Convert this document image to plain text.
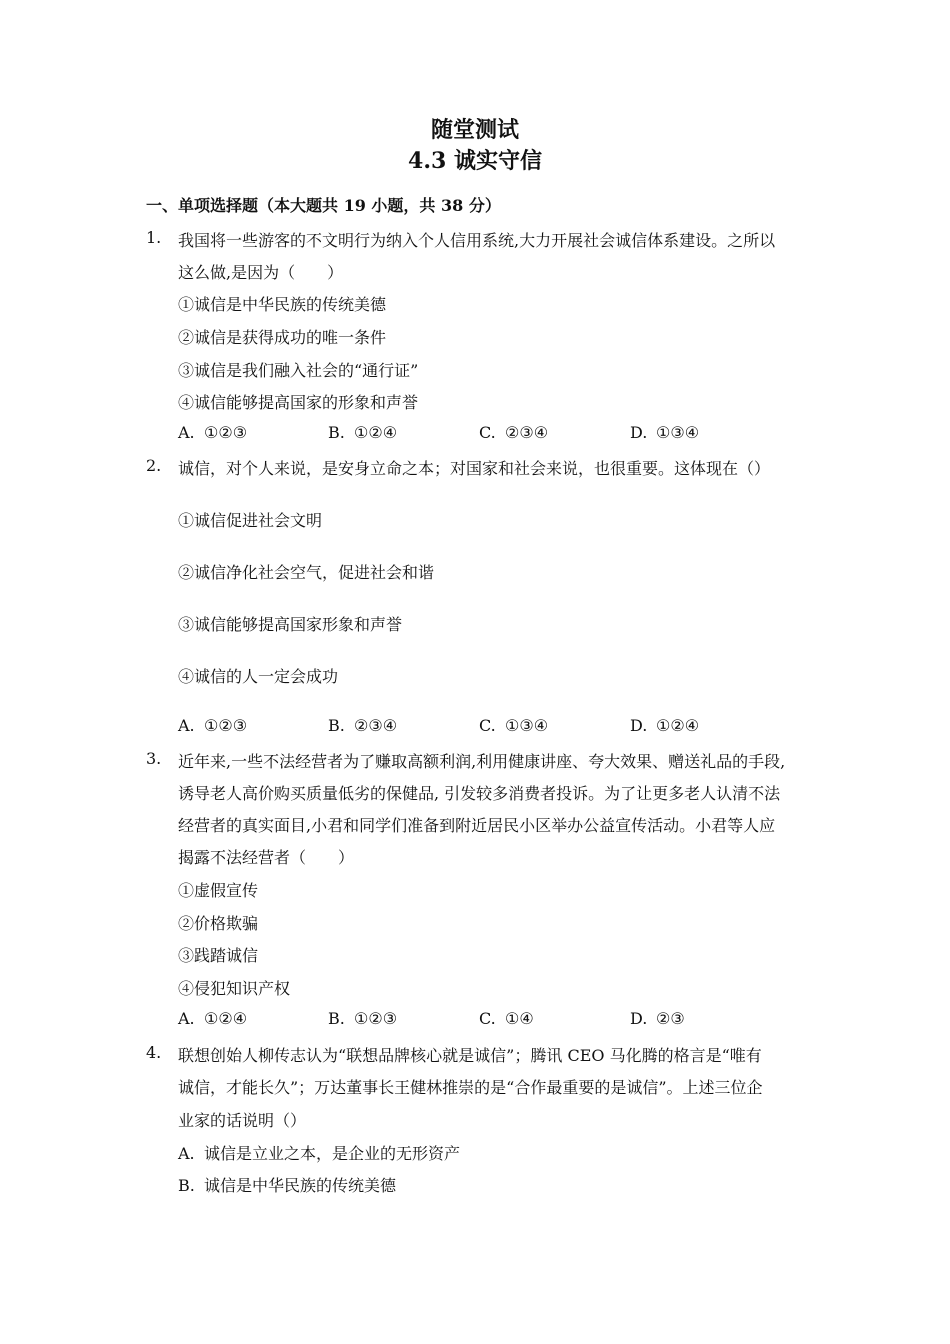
随堂测试
4.3 诚实守信
一、单项选择题（本大题共 19 小题，共 38 分）
1. 我国将一些游客的不文明行为纳入个人信用系统,大力开展社会诚信体系建设。之所以
这么做,是因为（　　）
①诚信是中华民族的传统美德
②诚信是获得成功的唯一条件
③诚信是我们融入社会的“通行证”
④诚信能够提高国家的形象和声誉
A. ①②③	B. ①②④	C. ②③④	D. ①③④
2. 诚信，对个人来说，是安身立命之本；对国家和社会来说，也很重要。这体现在（）
①诚信促进社会文明
②诚信净化社会空气，促进社会和谐
③诚信能够提高国家形象和声誉
④诚信的人一定会成功
A. ①②③	B. ②③④	C. ①③④	D. ①②④
3. 近年来,一些不法经营者为了赚取高额利润,利用健康讲座、夸大效果、赠送礼品的手段,
诱导老人高价购买质量低劣的保健品, 引发较多消费者投诉。为了让更多老人认清不法
经营者的真实面目,小君和同学们准备到附近居民小区举办公益宣传活动。小君等人应
揭露不法经营者（　　）
①虚假宣传
②价格欺骗
③践踏诚信
④侵犯知识产权
A. ①②④	B. ①②③	C. ①④	D. ②③
4. 联想创始人柳传志认为“联想品牌核心就是诚信”；腾讯 CEO 马化腾的格言是“唯有
诚信，才能长久”；万达董事长王健林推崇的是“合作最重要的是诚信”。上述三位企
业家的话说明（）
A. 诚信是立业之本，是企业的无形资产
B. 诚信是中华民族的传统美德
